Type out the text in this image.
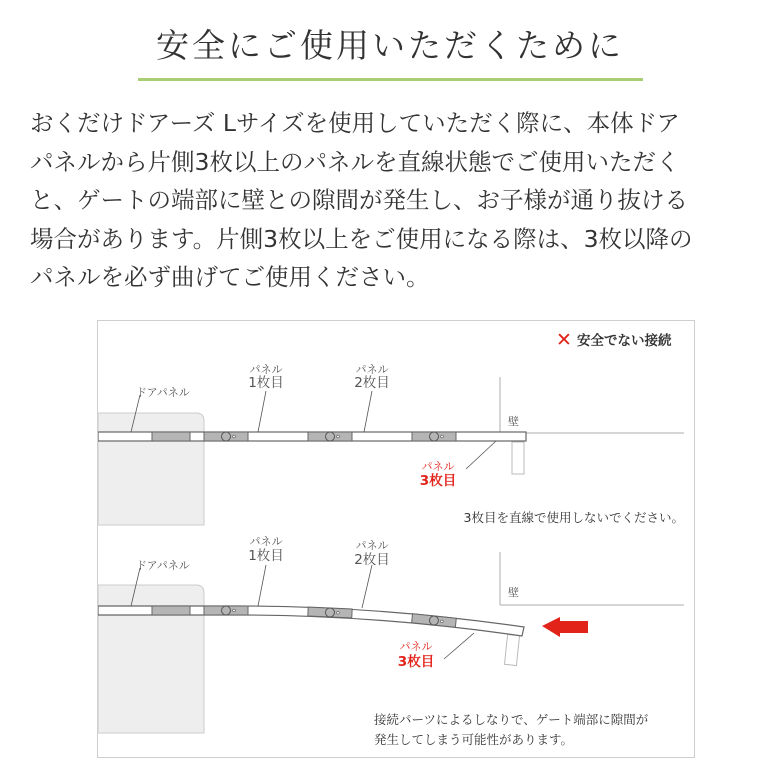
安全にご使用いただくために

おくだけドアーズ Lサイズを使用していただく際に、本体ドア
パネルから片側3枚以上のパネルを直線状態でご使用いただく
と、ゲートの端部に壁との隙間が発生し、お子様が通り抜ける
場合があります。片側3枚以上をご使用になる際は、3枚以降の
パネルを必ず曲げてご使用ください。

✕ 安全でない接続
ドアパネル
パネル
1枚目
パネル
2枚目
パネル
3枚目
壁
3枚目を直線で使用しないでください。
ドアパネル
パネル
1枚目
パネル
2枚目
パネル
3枚目
壁
接続パーツによるしなりで、ゲート端部に隙間が
発生してしまう可能性があります。
